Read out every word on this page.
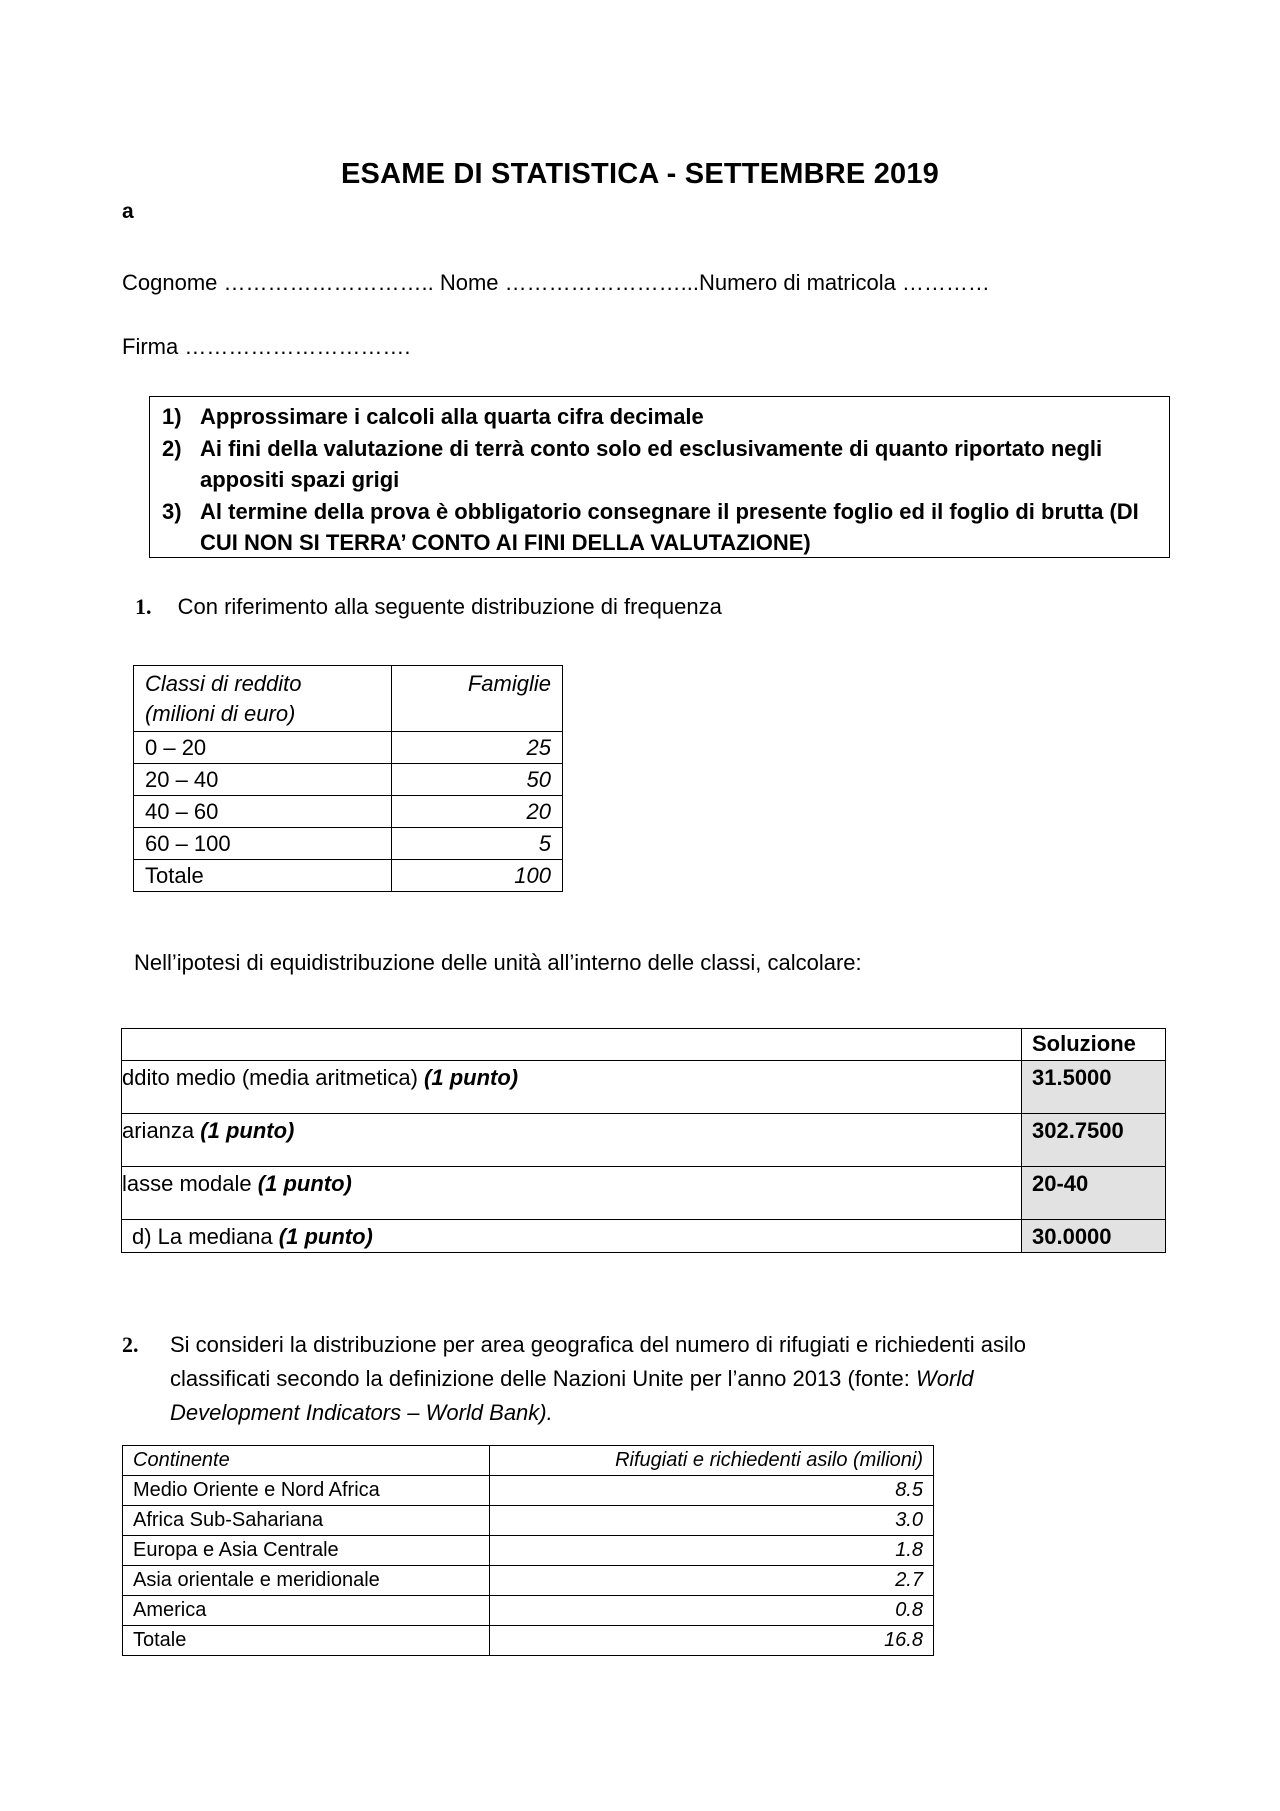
ESAME DI STATISTICA - SETTEMBRE 2019
a
Cognome ……………………….. Nome ……………………...Numero di matricola …………
Firma ………………………….
1) Approssimare i calcoli alla quarta cifra decimale
2) Ai fini della valutazione di terrà conto solo ed esclusivamente di quanto riportato negli appositi spazi grigi
3) Al termine della prova è obbligatorio consegnare il presente foglio ed il foglio di brutta (DI CUI NON SI TERRA’ CONTO AI FINI DELLA VALUTAZIONE)
1. Con riferimento alla seguente distribuzione di frequenza
Classi di reddito
(milioni di euro)	Famiglie
0 – 20	25
20 – 40	50
40 – 60	20
60 – 100	5
Totale	100
Nell’ipotesi di equidistribuzione delle unità all’interno delle classi, calcolare:
	Soluzione
ddito medio (media aritmetica) (1 punto)	31.5000
arianza (1 punto)	302.7500
lasse modale (1 punto)	20-40
d) La mediana (1 punto)	30.0000
2. Si consideri la distribuzione per area geografica del numero di rifugiati e richiedenti asilo
classificati secondo la definizione delle Nazioni Unite per l’anno 2013 (fonte: World
Development Indicators – World Bank).
Continente	Rifugiati e richiedenti asilo (milioni)
Medio Oriente e Nord Africa	8.5
Africa Sub-Sahariana	3.0
Europa e Asia Centrale	1.8
Asia orientale e meridionale	2.7
America	0.8
Totale	16.8
